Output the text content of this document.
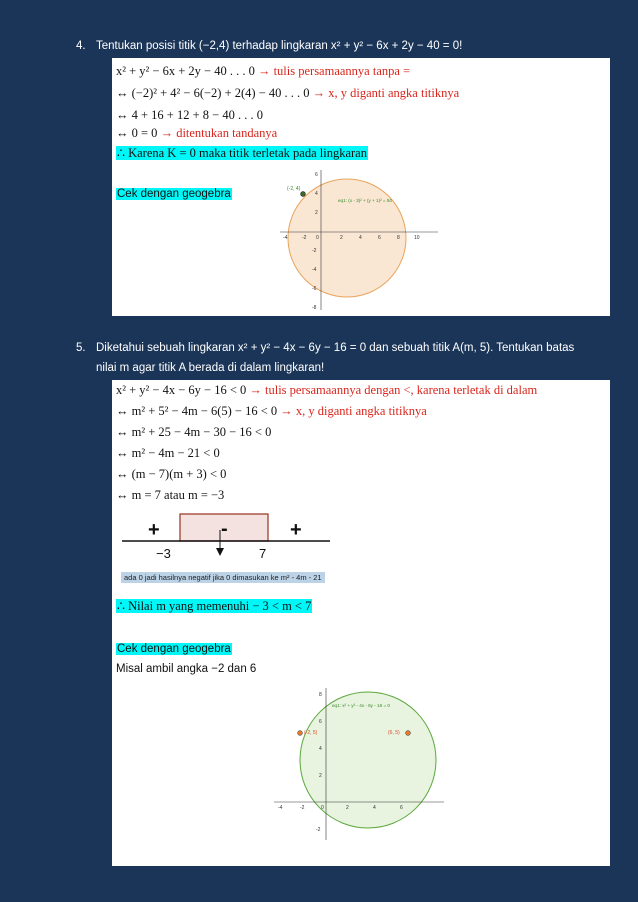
4. Tentukan posisi titik (−2,4) terhadap lingkaran x² + y² − 6x + 2y − 40 = 0!
x² + y² − 6x + 2y − 40 . . . 0 → tulis persamaannya tanpa =
↔ (−2)² + 4² − 6(−2) + 2(4) − 40 . . . 0 → x, y diganti angka titiknya
↔ 4 + 16 + 12 + 8 − 40 . . . 0
↔ 0 = 0 → ditentukan tandanya
∴ Karena K = 0 maka titik terletak pada lingkaran
Cek dengan geogebra
-4	-2 0	2	4	6	8	10
6
4
2
-2
-4
-6
-8
(-2, 4)
eq1: (x - 3)² + (y + 1)² = 50
5. Diketahui sebuah lingkaran x² + y² − 4x − 6y − 16 = 0 dan sebuah titik A(m, 5). Tentukan batas
nilai m agar titik A berada di dalam lingkaran!
x² + y² − 4x − 6y − 16 < 0 → tulis persamaannya dengan <, karena terletak di dalam
↔ m² + 5² − 4m − 6(5) − 16 < 0 → x, y diganti angka titiknya
↔ m² + 25 − 4m − 30 − 16 < 0
↔ m² − 4m − 21 < 0
↔ (m − 7)(m + 3) < 0
↔ m = 7 atau m = −3
+	-	+
−3	7
ada 0 jadi hasilnya negatif jika 0 dimasukan ke m² - 4m - 21
∴ Nilai m yang memenuhi − 3 < m < 7
Cek dengan geogebra
Misal ambil angka −2 dan 6
-4	-2	0	2	4	6
8
6
4
2
-2
eq1: x² + y² - 4x - 6y - 16 = 0
(-2, 5)	(6, 5)
